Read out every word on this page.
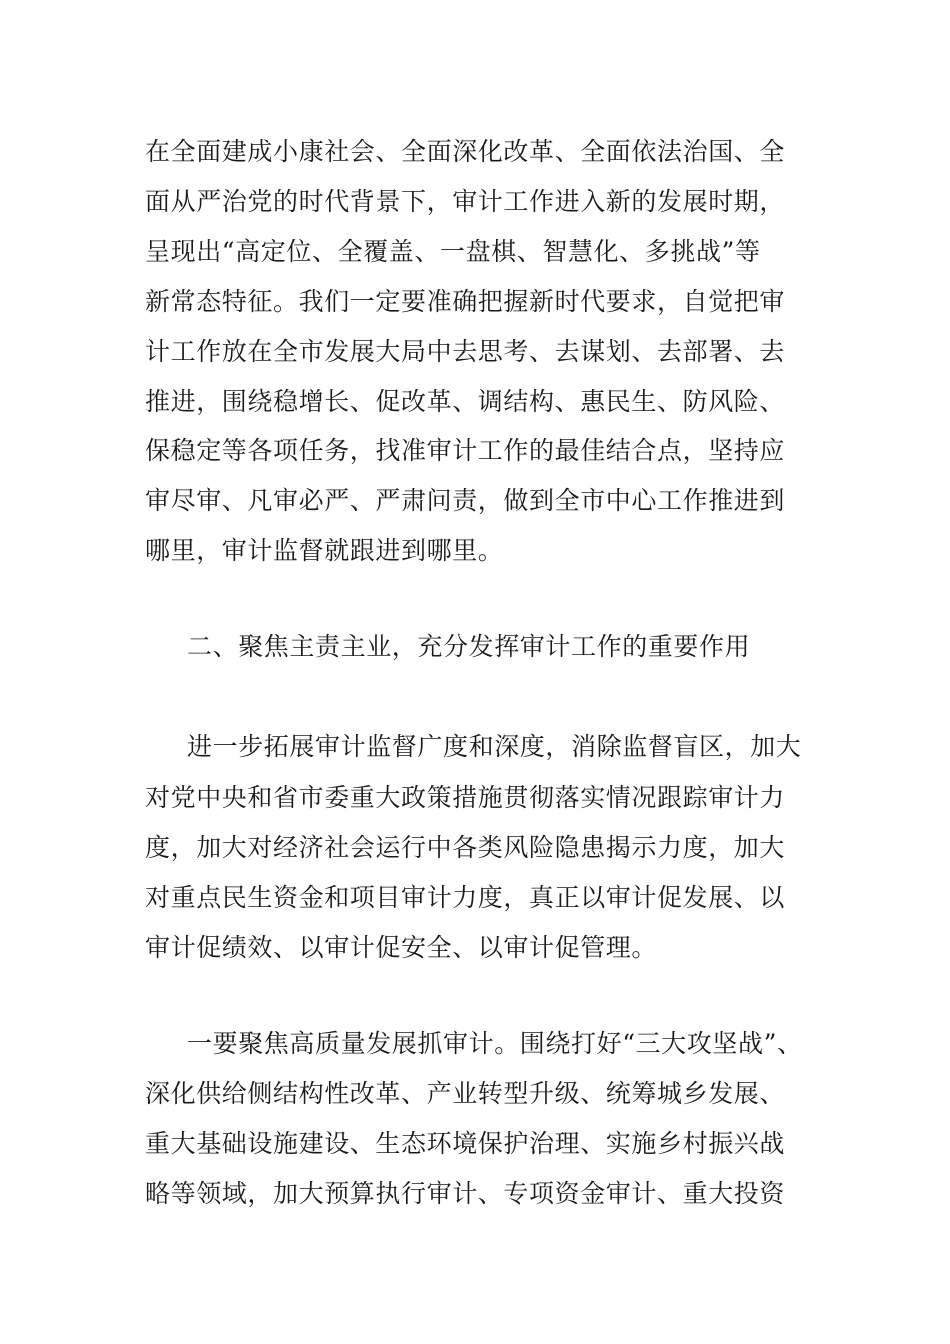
在全面建成小康社会、全面深化改革、全面依法治国、全
面从严治党的时代背景下，审计工作进入新的发展时期，
呈现出“高定位、全覆盖、一盘棋、智慧化、多挑战”等
新常态特征。我们一定要准确把握新时代要求，自觉把审
计工作放在全市发展大局中去思考、去谋划、去部署、去
推进，围绕稳增长、促改革、调结构、惠民生、防风险、
保稳定等各项任务，找准审计工作的最佳结合点，坚持应
审尽审、凡审必严、严肃问责，做到全市中心工作推进到
哪里，审计监督就跟进到哪里。
二、聚焦主责主业，充分发挥审计工作的重要作用
进一步拓展审计监督广度和深度，消除监督盲区，加大
对党中央和省市委重大政策措施贯彻落实情况跟踪审计力
度，加大对经济社会运行中各类风险隐患揭示力度，加大
对重点民生资金和项目审计力度，真正以审计促发展、以
审计促绩效、以审计促安全、以审计促管理。
一要聚焦高质量发展抓审计。围绕打好“三大攻坚战”、
深化供给侧结构性改革、产业转型升级、统筹城乡发展、
重大基础设施建设、生态环境保护治理、实施乡村振兴战
略等领域，加大预算执行审计、专项资金审计、重大投资
